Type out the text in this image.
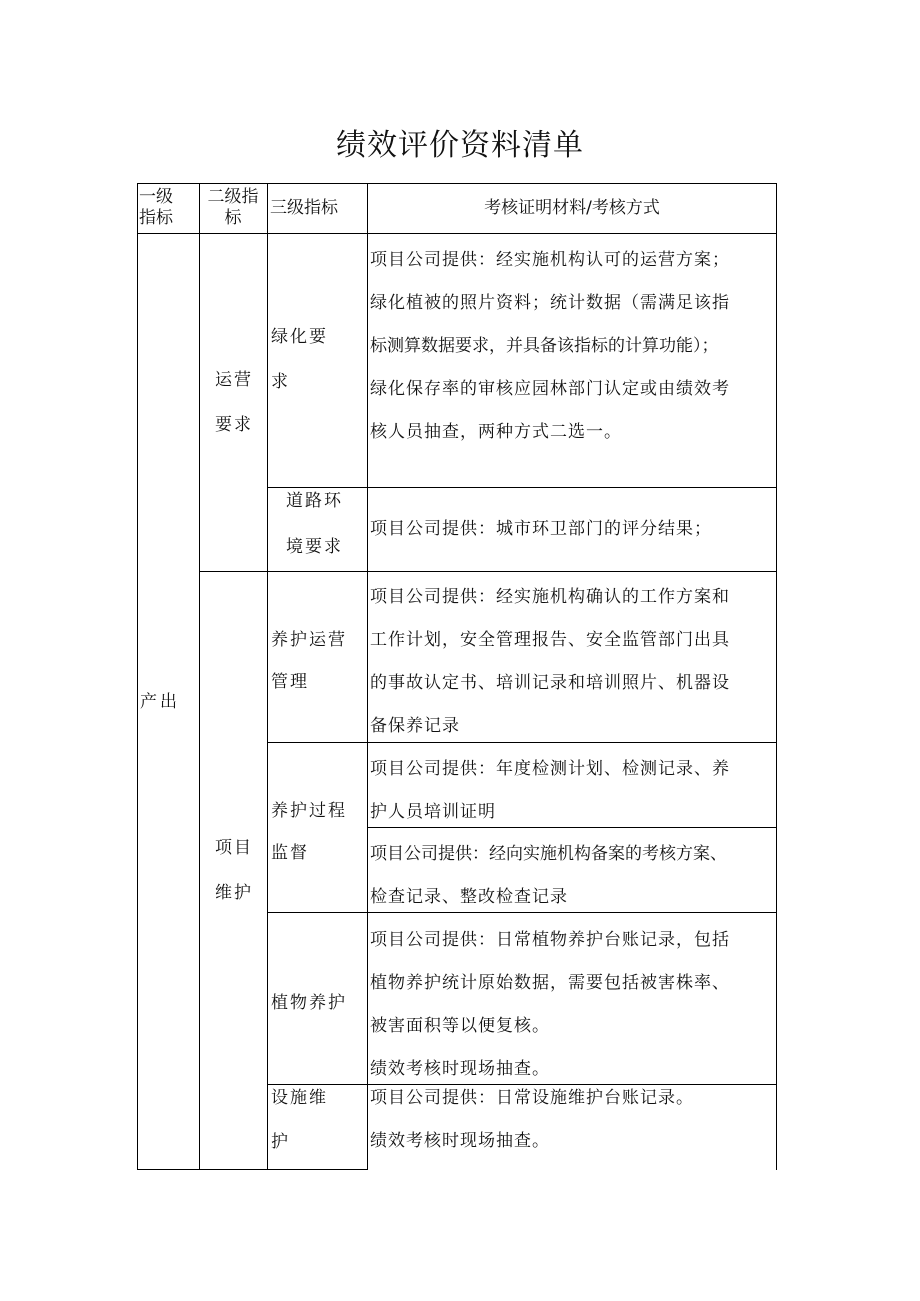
绩效评价资料清单
一级
指标
二级指
标	三级指标	考核证明材料/考核方式
产出
运营
要求
项目
维护
绿化要
求
道路环
境要求
养护运营
管理
养护过程
监督
植物养护
设施维
护
项目公司提供：经实施机构认可的运营方案；
绿化植被的照片资料；统计数据（需满足该指
标测算数据要求，并具备该指标的计算功能）；
绿化保存率的审核应园林部门认定或由绩效考
核人员抽查，两种方式二选一。
项目公司提供：城市环卫部门的评分结果；
项目公司提供：经实施机构确认的工作方案和
工作计划，安全管理报告、安全监管部门出具
的事故认定书、培训记录和培训照片、机器设
备保养记录
项目公司提供：年度检测计划、检测记录、养
护人员培训证明
项目公司提供：经向实施机构备案的考核方案、
检查记录、整改检查记录
项目公司提供：日常植物养护台账记录，包括
植物养护统计原始数据，需要包括被害株率、
被害面积等以便复核。
绩效考核时现场抽查。
项目公司提供：日常设施维护台账记录。
绩效考核时现场抽查。
